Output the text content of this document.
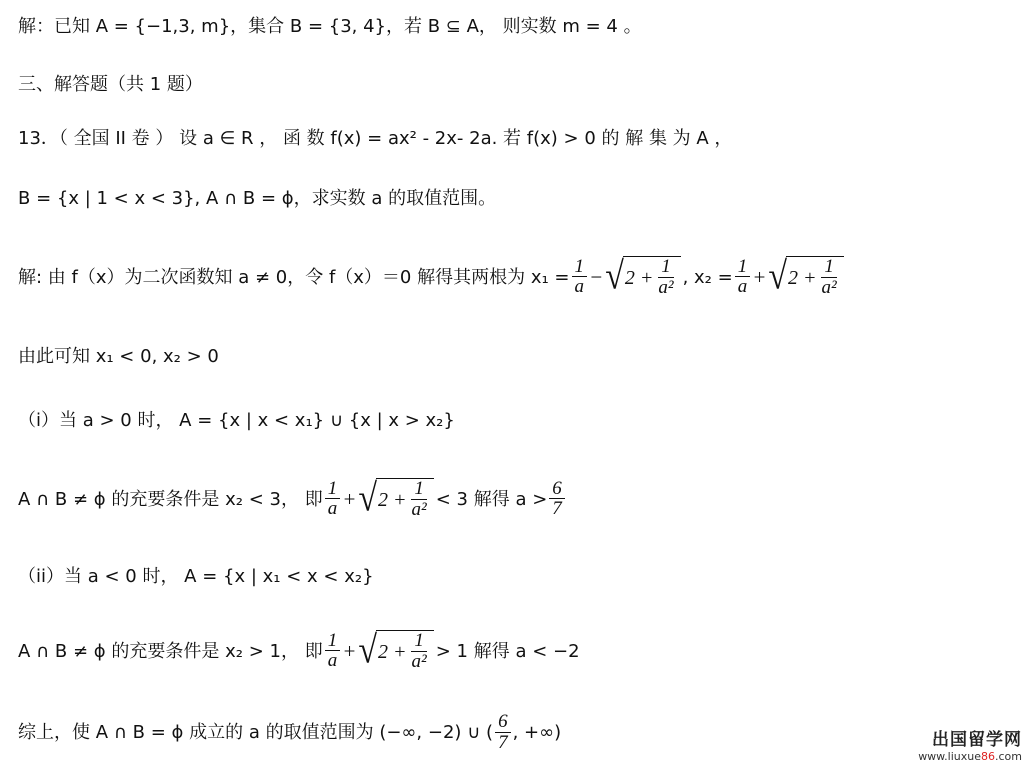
解：已知 A = {−1,3, m}，集合 B = {3, 4}，若 B ⊆ A， 则实数 m = 4 。
三、解答题（共 1 题）
13．（ 全国 II 卷 ） 设 a ∈ R ， 函 数 f(x) = ax² - 2x- 2a. 若 f(x) > 0 的 解 集 为 A ，
B = {x | 1 < x < 3}, A ∩ B = ϕ，求实数 a 的取值范围。
解: 由 f（x）为二次函数知 a ≠ 0，令 f（x）＝0 解得其两根为 $x_1 = \frac{1}{a}$ − √ $2 + \frac{1}{\text{a²}}$ , $x_2 = \frac{1}{a}$ + √ $2 + \frac{1}{\text{a²}}$
由此可知 x₁ < 0, x₂ > 0
（i）当 a > 0 时， A = {x | x < x₁} ∪ {x | x > x₂}
A ∩ B ≠ ϕ 的充要条件是 x₂ < 3， 即 $\frac{1}{a}$ + √ $2 + \frac{1}{\text{a²}} < 3$ 解得 $a > \frac{6}{7}$
（ii）当 a < 0 时， A = {x | x₁ < x < x₂}
A ∩ B ≠ ϕ 的充要条件是 x₂ > 1， 即 $\frac{1}{a}$ + √ $2 + \frac{1}{\text{a²}} > 1$ 解得 a < −2
综上，使 A ∩ B = ϕ 成立的 a 的取值范围为 (−∞, −2) ∪ ( $\frac{6}{7}$ , +∞)	出国留学网
www.liuxue86.com
